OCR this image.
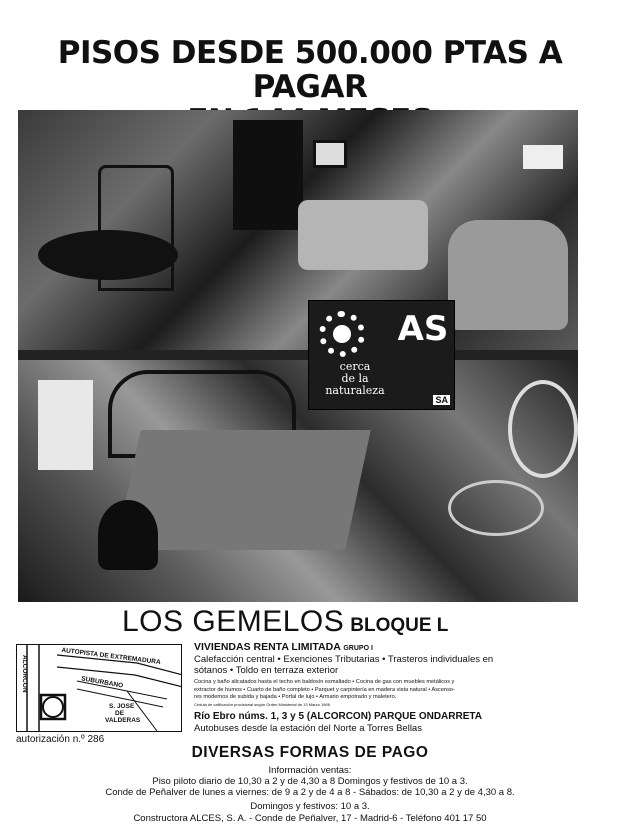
PISOS DESDE 500.000 PTAS A PAGAR
cerca
de la
naturaleza
AS
SA
LOS GEMELOS BLOQUE L
ALCORCON	AUTOPISTA DE EXTREMADURA
SUBURBANO
S. JOSE
DE
VALDERAS
autorización n.º 286
VIVIENDAS RENTA LIMITADA GRUPO I
Calefacción central • Exenciones Tributarias • Trasteros individuales en
sótanos • Toldo en terraza exterior
Cocina y baño alicatados hasta el techo en baldosín esmaltado • Cocina de gas con muebles metálicos y
extractor de humos • Cuarto de baño completo • Parquet y carpintería en madera vista natural • Ascenso-
res modernos de subida y bajada • Portal de lujo • Armario empotrado y maletero.
Cédula de calificación provisional según Orden Ministerial de 13 Marzo 1968
Río Ebro núms. 1, 3 y 5 (ALCORCON) PARQUE ONDARRETA
Autobuses desde la estación del Norte a Torres Bellas
DIVERSAS FORMAS DE PAGO
Información ventas:
Piso piloto diario de 10,30 a 2 y de 4,30 a 8 Domingos y festivos de 10 a 3.
Conde de Peñalver de lunes a viernes: de 9 a 2 y de 4 a 8 - Sábados: de 10,30 a 2 y de 4,30 a 8.
Domingos y festivos: 10 a 3.
Constructora ALCES, S. A. - Conde de Peñalver, 17 - Madrid-6 - Teléfono 401 17 50
